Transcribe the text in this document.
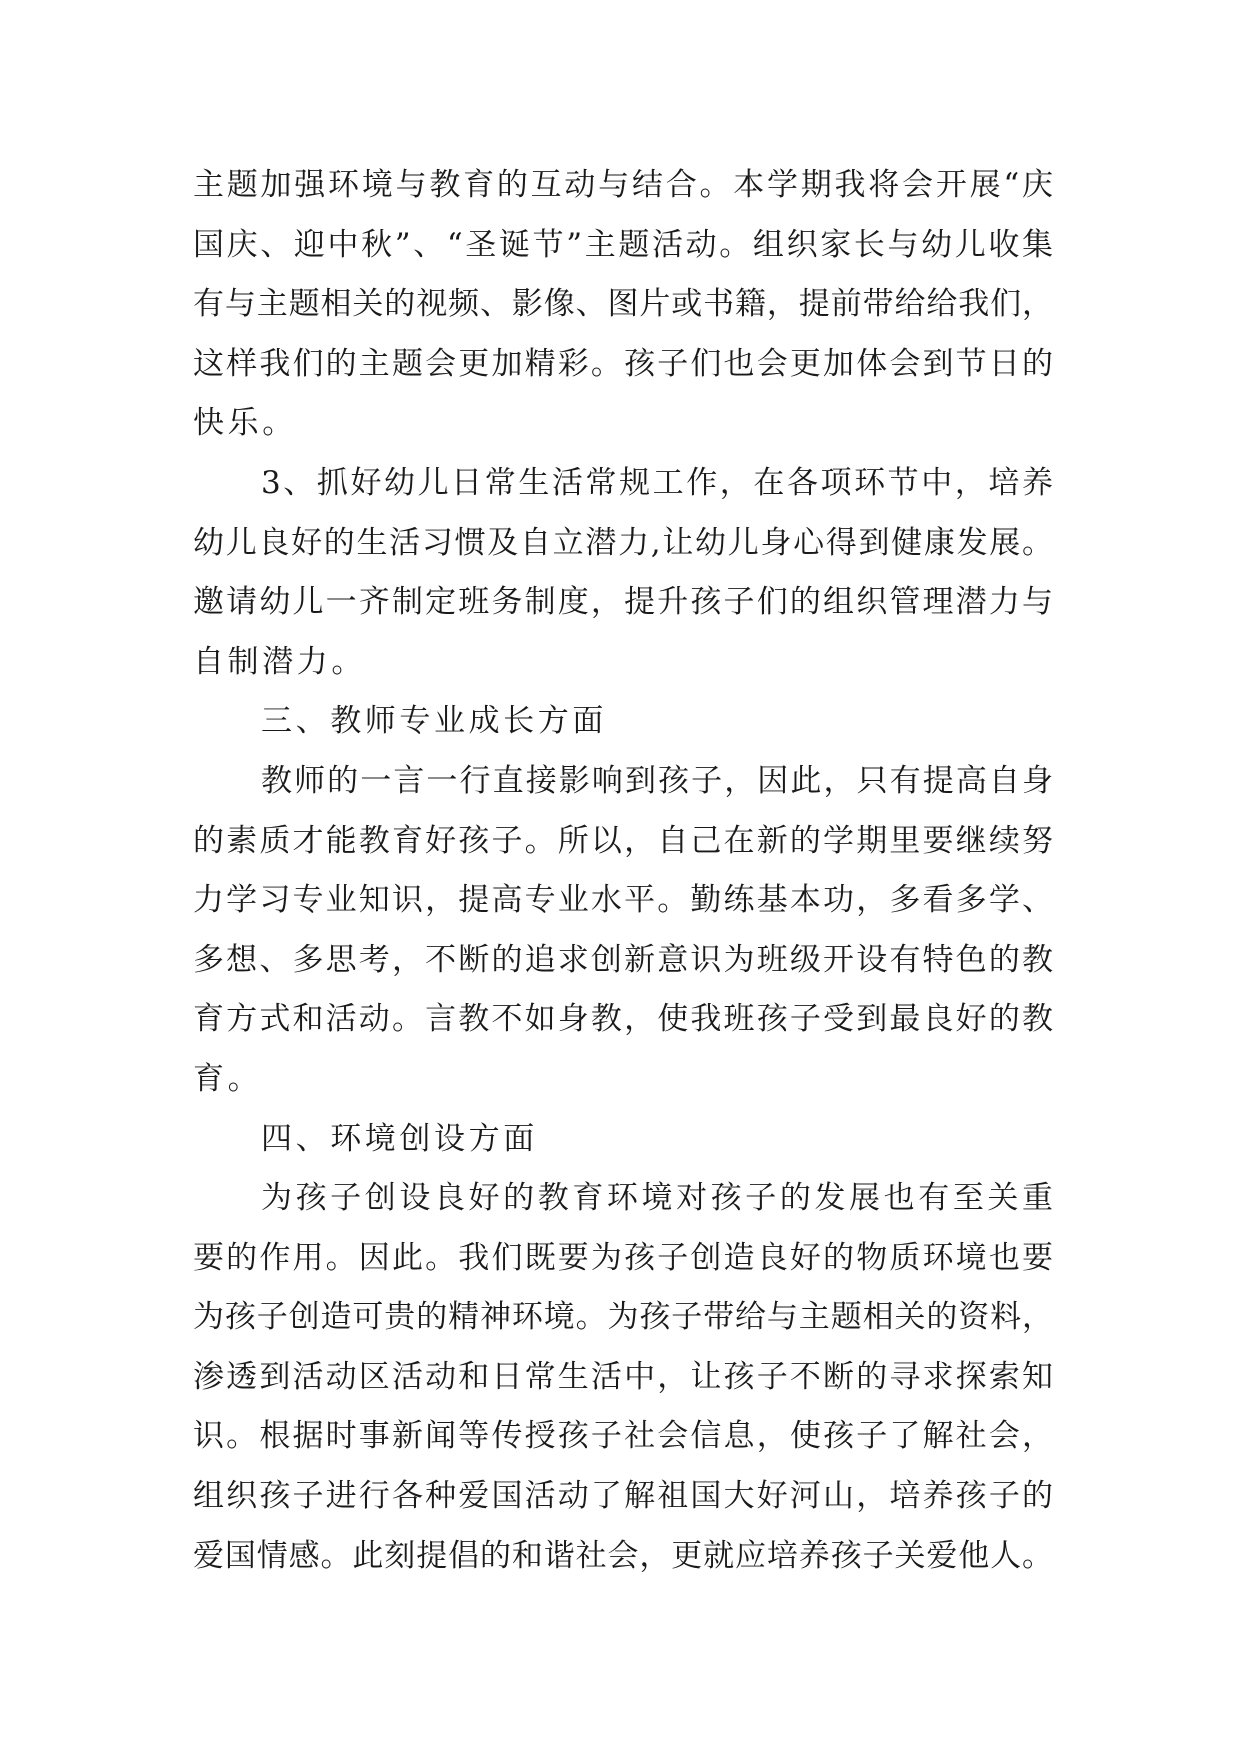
主题加强环境与教育的互动与结合。本学期我将会开展“庆
国庆、迎中秋”、“圣诞节”主题活动。组织家长与幼儿收集
有与主题相关的视频、影像、图片或书籍，提前带给给我们，
这样我们的主题会更加精彩。孩子们也会更加体会到节日的
快乐。
3、抓好幼儿日常生活常规工作，在各项环节中，培养
幼儿良好的生活习惯及自立潜力,让幼儿身心得到健康发展。
邀请幼儿一齐制定班务制度，提升孩子们的组织管理潜力与
自制潜力。
三、教师专业成长方面
教师的一言一行直接影响到孩子，因此，只有提高自身
的素质才能教育好孩子。所以，自己在新的学期里要继续努
力学习专业知识，提高专业水平。勤练基本功，多看多学、
多想、多思考，不断的追求创新意识为班级开设有特色的教
育方式和活动。言教不如身教，使我班孩子受到最良好的教
育。
四、环境创设方面
为孩子创设良好的教育环境对孩子的发展也有至关重
要的作用。因此。我们既要为孩子创造良好的物质环境也要
为孩子创造可贵的精神环境。为孩子带给与主题相关的资料，
渗透到活动区活动和日常生活中，让孩子不断的寻求探索知
识。根据时事新闻等传授孩子社会信息，使孩子了解社会，
组织孩子进行各种爱国活动了解祖国大好河山，培养孩子的
爱国情感。此刻提倡的和谐社会，更就应培养孩子关爱他人。
